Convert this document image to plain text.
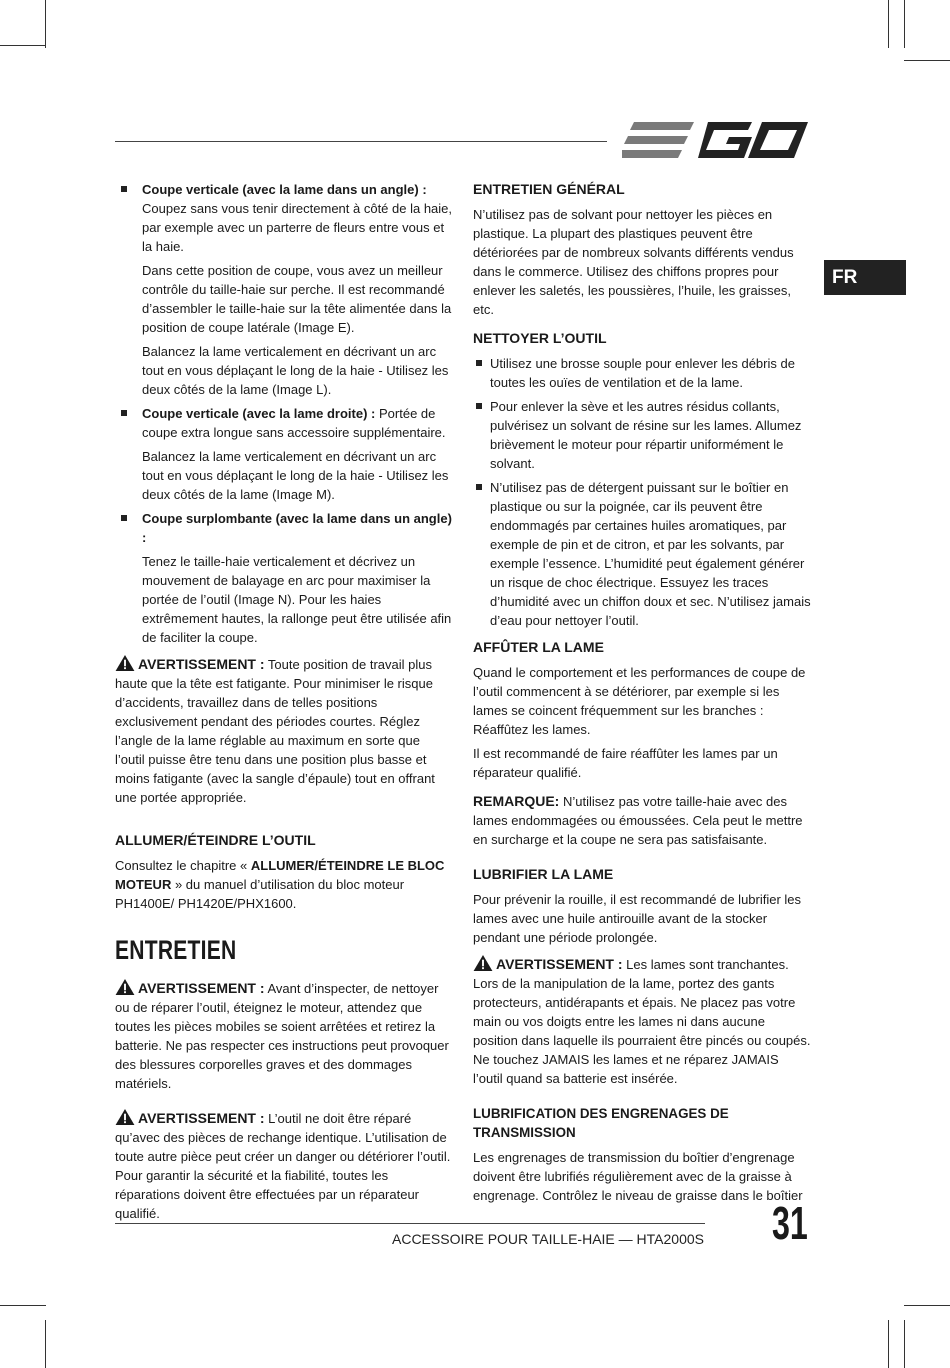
FR

Coupe verticale (avec la lame dans un angle) :
Coupez sans vous tenir directement à côté de la haie, par exemple avec un parterre de fleurs entre vous et la haie.

Dans cette position de coupe, vous avez un meilleur contrôle du taille-haie sur perche. Il est recommandé d’assembler le taille-haie sur la tête alimentée dans la position de coupe latérale (Image E).

Balancez la lame verticalement en décrivant un arc tout en vous déplaçant le long de la haie - Utilisez les deux côtés de la lame (Image L).

Coupe verticale (avec la lame droite) : Portée de coupe extra longue sans accessoire supplémentaire.

Balancez la lame verticalement en décrivant un arc tout en vous déplaçant le long de la haie - Utilisez les deux côtés de la lame (Image M).

Coupe surplombante (avec la lame dans un angle) :

Tenez le taille-haie verticalement et décrivez un mouvement de balayage en arc pour maximiser la portée de l’outil (Image N). Pour les haies extrêmement hautes, la rallonge peut être utilisée afin de faciliter la coupe.

AVERTISSEMENT : Toute position de travail plus haute que la tête est fatigante. Pour minimiser le risque d’accidents, travaillez dans de telles positions exclusivement pendant des périodes courtes. Réglez l’angle de la lame réglable au maximum en sorte que l’outil puisse être tenu dans une position plus basse et moins fatigante (avec la sangle d’épaule) tout en offrant une portée appropriée.

ALLUMER/ÉTEINDRE L’OUTIL

Consultez le chapitre « ALLUMER/ÉTEINDRE LE BLOC MOTEUR » du manuel d’utilisation du bloc moteur PH1400E/ PH1420E/PHX1600.

ENTRETIEN

AVERTISSEMENT : Avant d’inspecter, de nettoyer ou de réparer l’outil, éteignez le moteur, attendez que toutes les pièces mobiles se soient arrêtées et retirez la batterie. Ne pas respecter ces instructions peut provoquer des blessures corporelles graves et des dommages matériels.

AVERTISSEMENT : L’outil ne doit être réparé qu’avec des pièces de rechange identique. L’utilisation de toute autre pièce peut créer un danger ou détériorer l’outil. Pour garantir la sécurité et la fiabilité, toutes les réparations doivent être effectuées par un réparateur qualifié.

ENTRETIEN GÉNÉRAL

N’utilisez pas de solvant pour nettoyer les pièces en plastique. La plupart des plastiques peuvent être détériorées par de nombreux solvants différents vendus dans le commerce. Utilisez des chiffons propres pour enlever les saletés, les poussières, l’huile, les graisses, etc.

NETTOYER L’OUTIL
Utilisez une brosse souple pour enlever les débris de toutes les ouïes de ventilation et de la lame.
Pour enlever la sève et les autres résidus collants, pulvérisez un solvant de résine sur les lames. Allumez brièvement le moteur pour répartir uniformément le solvant.
N’utilisez pas de détergent puissant sur le boîtier en plastique ou sur la poignée, car ils peuvent être endommagés par certaines huiles aromatiques, par exemple de pin et de citron, et par les solvants, par exemple l’essence. L’humidité peut également générer un risque de choc électrique. Essuyez les traces d’humidité avec un chiffon doux et sec. N’utilisez jamais d’eau pour nettoyer l’outil.
AFFÛTER LA LAME

Quand le comportement et les performances de coupe de l’outil commencent à se détériorer, par exemple si les lames se coincent fréquemment sur les branches : Réaffûtez les lames.

Il est recommandé de faire réaffûter les lames par un réparateur qualifié.

REMARQUE: N’utilisez pas votre taille-haie avec des lames endommagées ou émoussées. Cela peut le mettre en surcharge et la coupe ne sera pas satisfaisante.

LUBRIFIER LA LAME

Pour prévenir la rouille, il est recommandé de lubrifier les lames avec une huile antirouille avant de la stocker pendant une période prolongée.

AVERTISSEMENT : Les lames sont tranchantes. Lors de la manipulation de la lame, portez des gants protecteurs, antidérapants et épais. Ne placez pas votre main ou vos doigts entre les lames ni dans aucune position dans laquelle ils pourraient être pincés ou coupés. Ne touchez JAMAIS les lames et ne réparez JAMAIS l’outil quand sa batterie est insérée.

LUBRIFICATION DES ENGRENAGES DE TRANSMISSION

Les engrenages de transmission du boîtier d’engrenage doivent être lubrifiés régulièrement avec de la graisse à engrenage. Contrôlez le niveau de graisse dans le boîtier

ACCESSOIRE POUR TAILLE-HAIE — HTA2000S 31
